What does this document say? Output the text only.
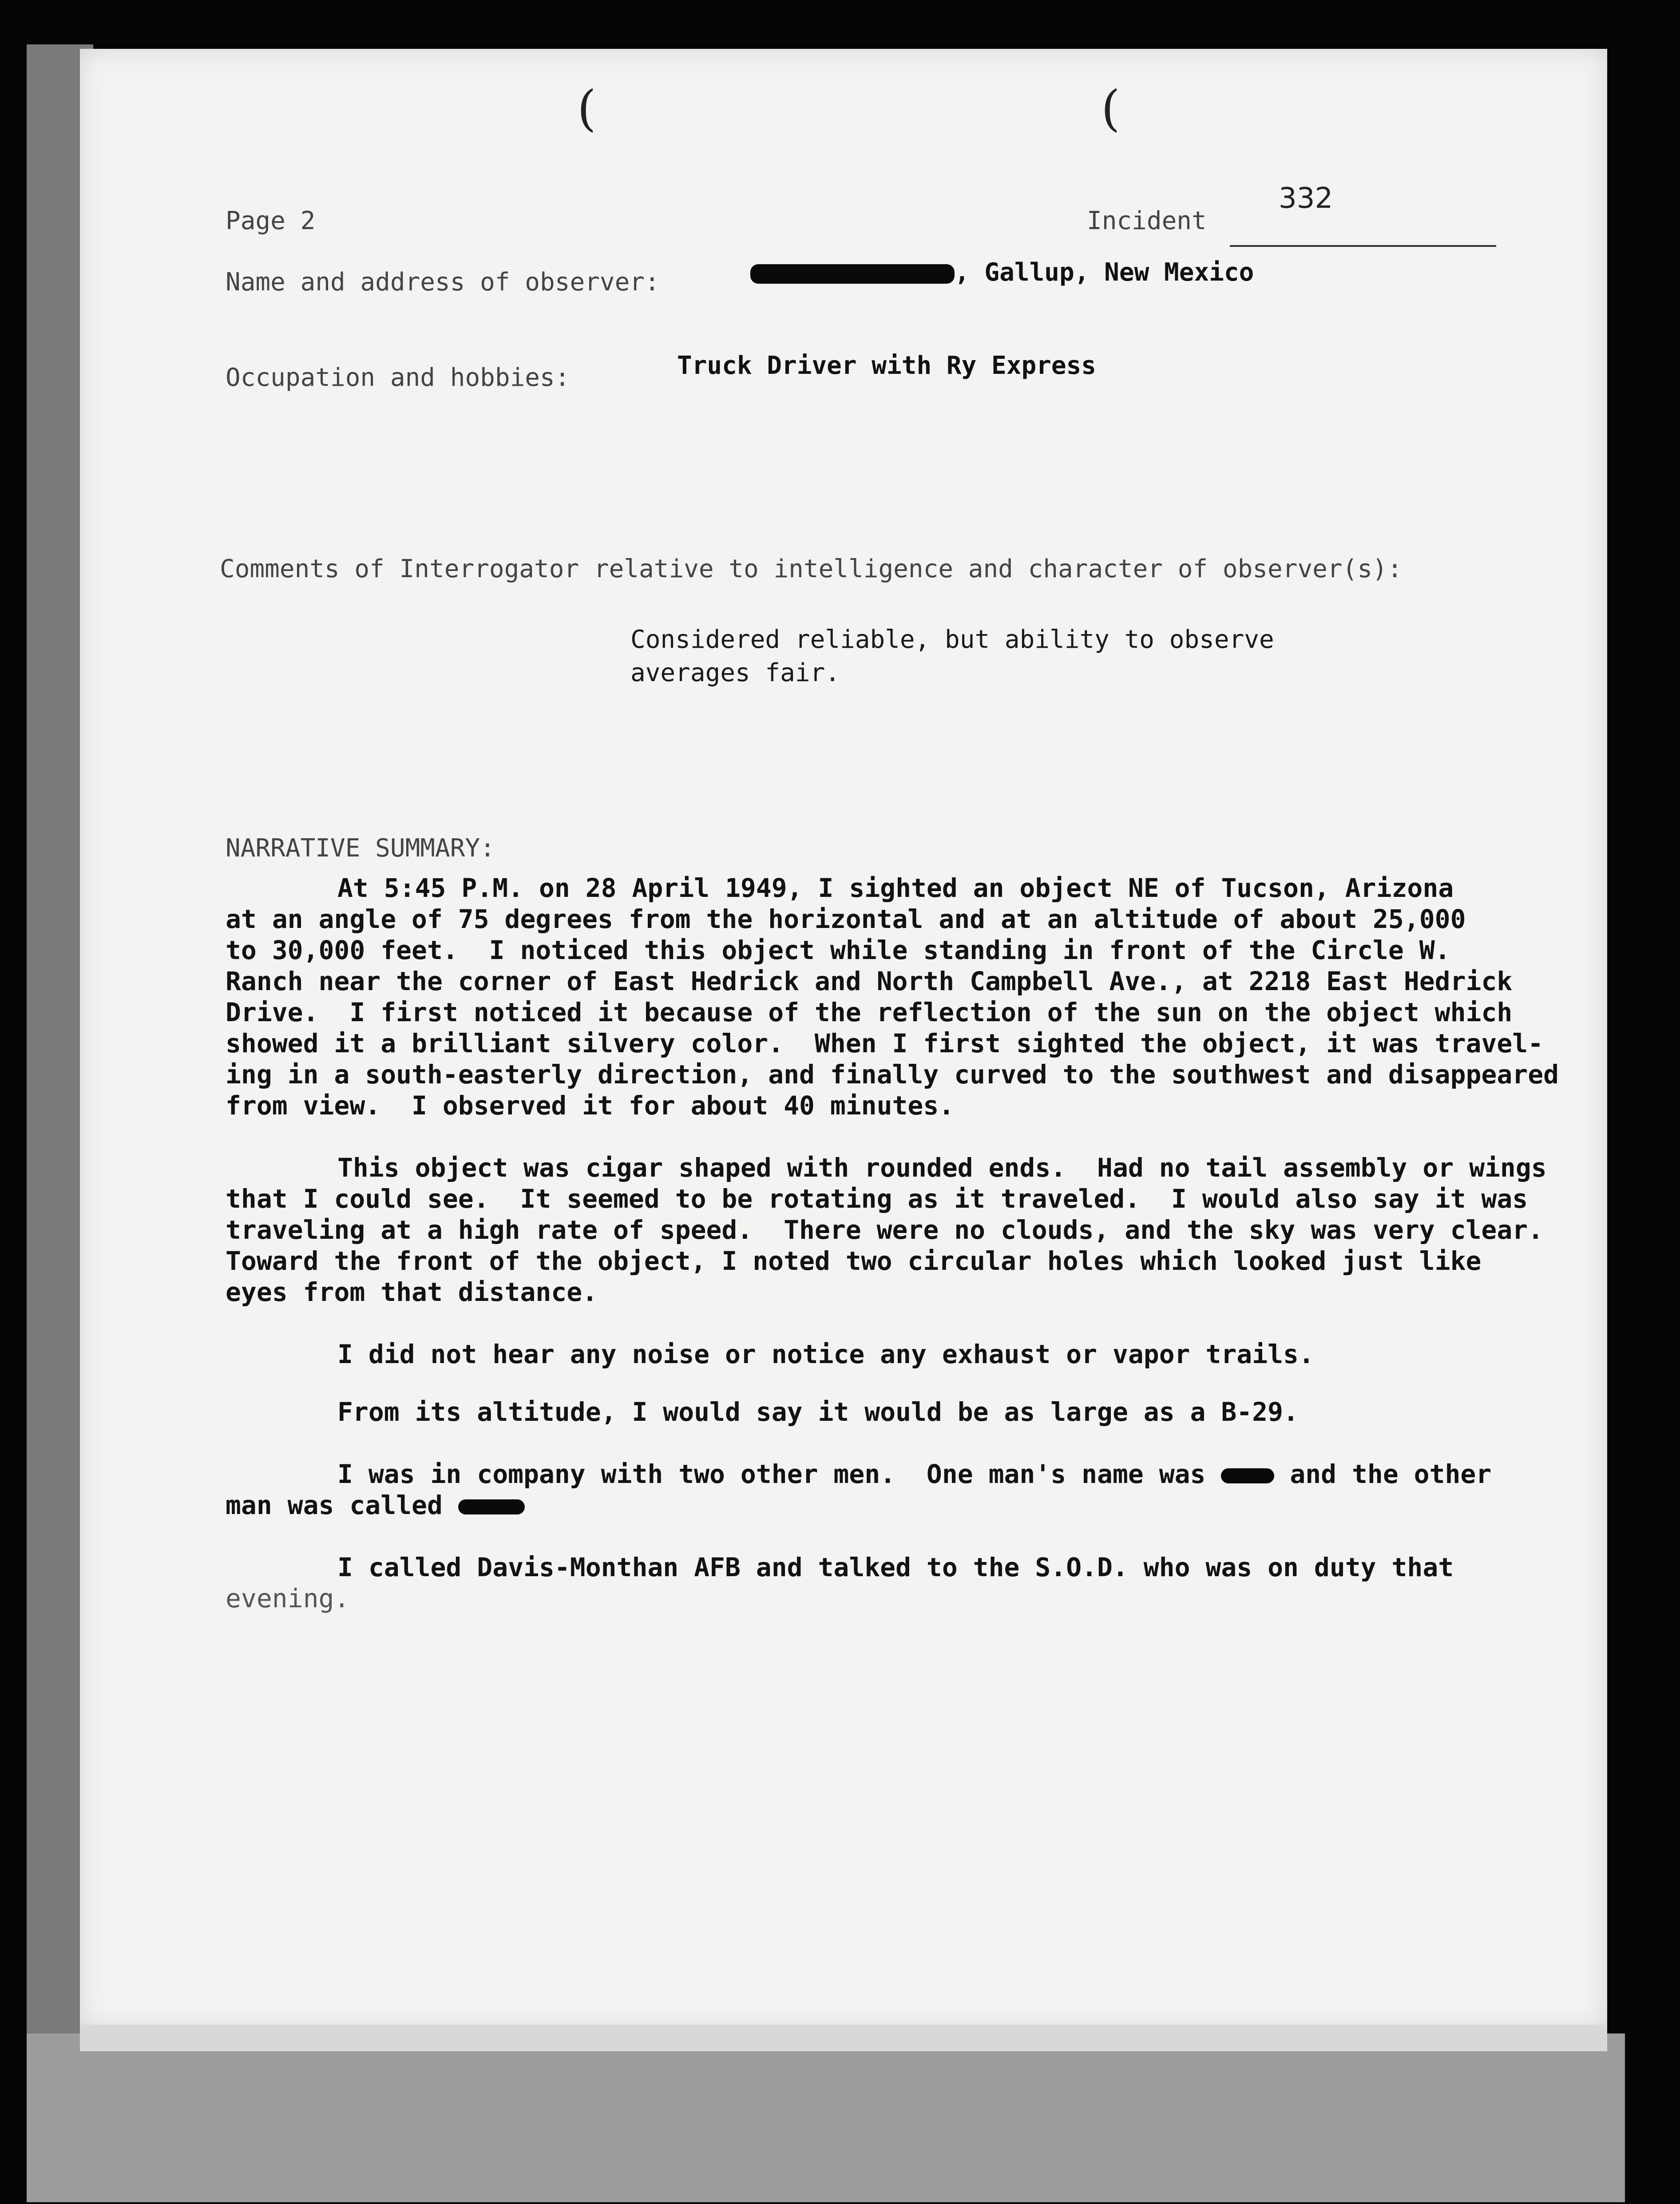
(	(
Page 2	Incident
332
Name and address of observer:	, Gallup, New Mexico
Occupation and hobbies:	Truck Driver with Ry Express
Comments of Interrogator relative to intelligence and character of observer(s):
Considered reliable, but ability to observe
averages fair.
NARRATIVE SUMMARY:
At 5:45 P.M. on 28 April 1949, I sighted an object NE of Tucson, Arizona
at an angle of 75 degrees from the horizontal and at an altitude of about 25,000
to 30,000 feet.  I noticed this object while standing in front of the Circle W.
Ranch near the corner of East Hedrick and North Campbell Ave., at 2218 East Hedrick
Drive.  I first noticed it because of the reflection of the sun on the object which
showed it a brilliant silvery color.  When I first sighted the object, it was travel-
ing in a south-easterly direction, and finally curved to the southwest and disappeared
from view.  I observed it for about 40 minutes.
This object was cigar shaped with rounded ends.  Had no tail assembly or wings
that I could see.  It seemed to be rotating as it traveled.  I would also say it was
traveling at a high rate of speed.  There were no clouds, and the sky was very clear.
Toward the front of the object, I noted two circular holes which looked just like
eyes from that distance.
I did not hear any noise or notice any exhaust or vapor trails.
From its altitude, I would say it would be as large as a B-29.
I was in company with two other men.  One man's name was	and the other
man was called
I called Davis-Monthan AFB and talked to the S.O.D. who was on duty that
evening.
